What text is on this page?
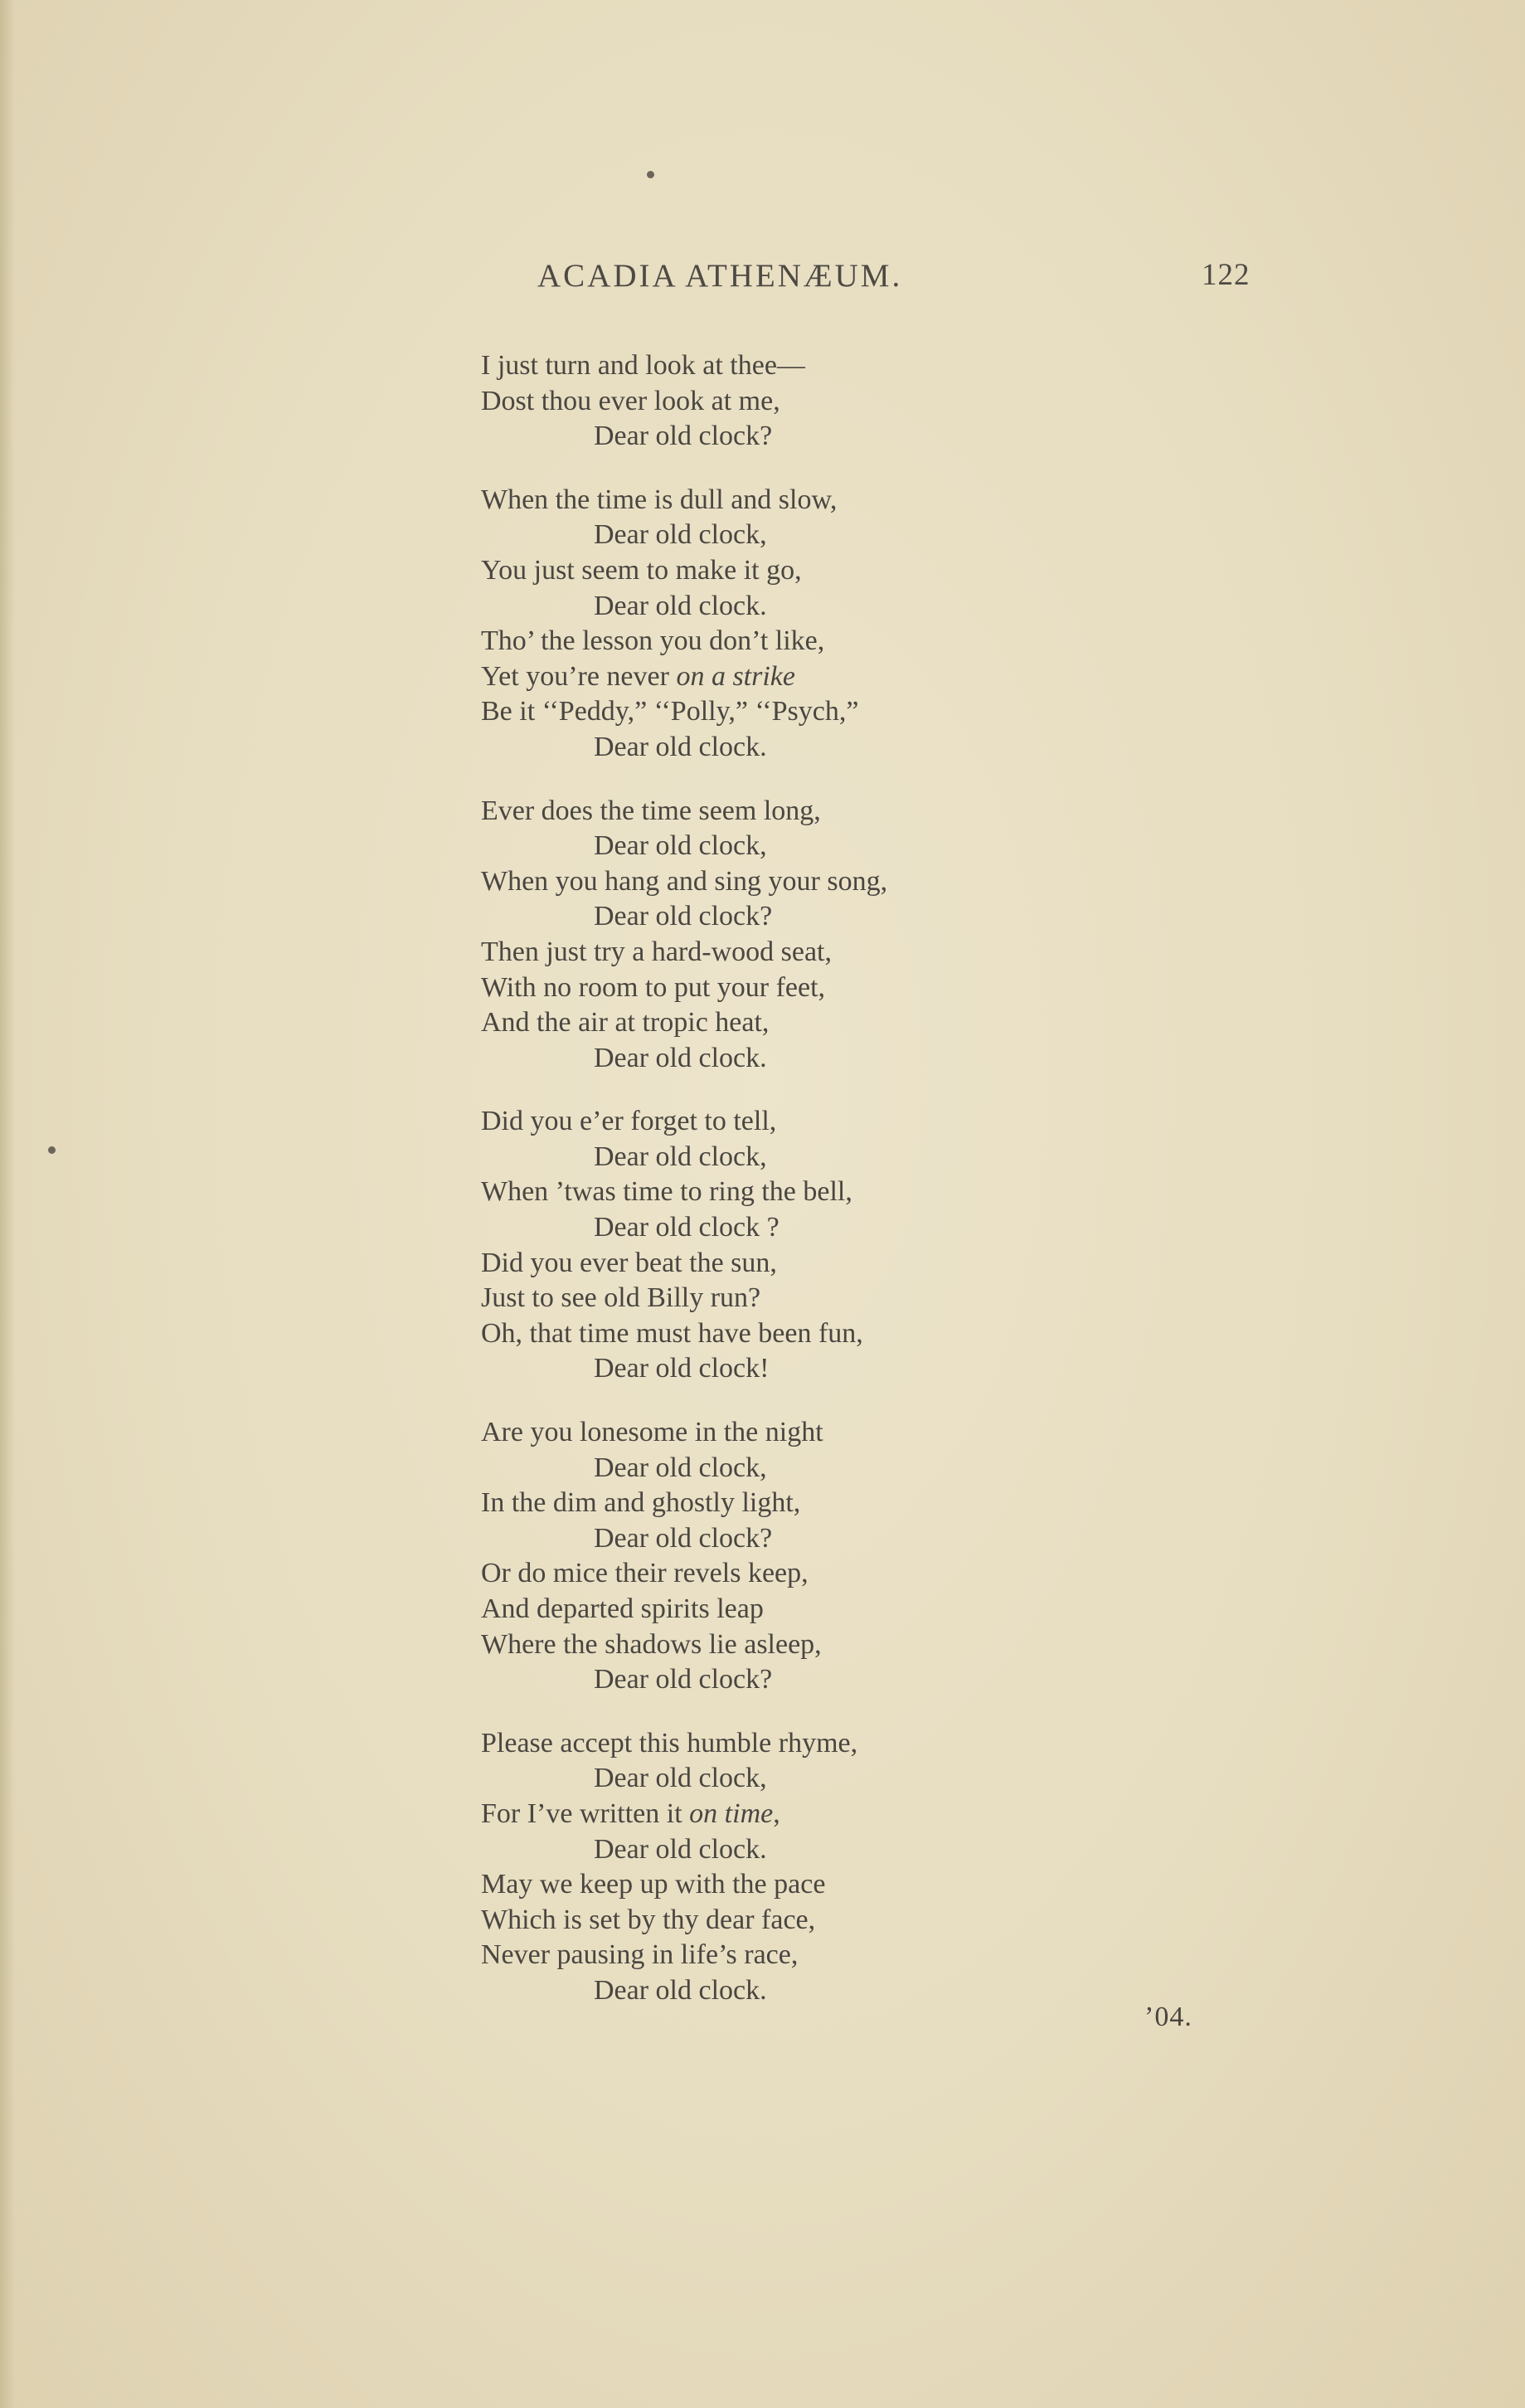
ACADIA ATHENÆUM.	122
I just turn and look at thee—
Dost thou ever look at me,
Dear old clock?
When the time is dull and slow,
Dear old clock,
You just seem to make it go,
Dear old clock.
Tho’ the lesson you don’t like,
Yet you’re never on a strike
Be it ‘‘Peddy,” ‘‘Polly,” ‘‘Psych,”
Dear old clock.
Ever does the time seem long,
Dear old clock,
When you hang and sing your song,
Dear old clock?
Then just try a hard-wood seat,
With no room to put your feet,
And the air at tropic heat,
Dear old clock.
Did you e’er forget to tell,
Dear old clock,
When ’twas time to ring the bell,
Dear old clock ?
Did you ever beat the sun,
Just to see old Billy run?
Oh, that time must have been fun,
Dear old clock!
Are you lonesome in the night
Dear old clock,
In the dim and ghostly light,
Dear old clock?
Or do mice their revels keep,
And departed spirits leap
Where the shadows lie asleep,
Dear old clock?
Please accept this humble rhyme,
Dear old clock,
For I’ve written it on time,
Dear old clock.
May we keep up with the pace
Which is set by thy dear face,
Never pausing in life’s race,
Dear old clock.
’04.
